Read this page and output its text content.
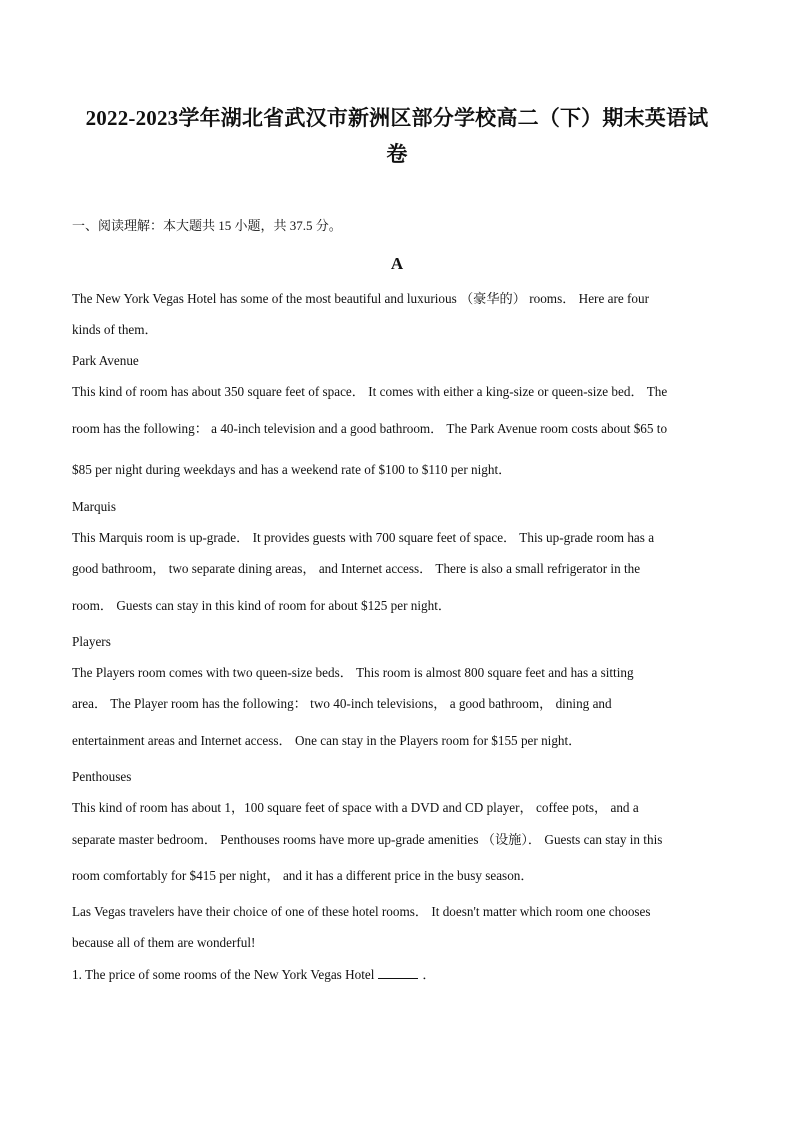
2022-2023学年湖北省武汉市新洲区部分学校高二（下）期末英语试
卷
一、阅读理解：本大题共 15 小题，共 37.5 分。
A
The New York Vegas Hotel has some of the most beautiful and luxurious （豪华的） rooms． Here are four
kinds of them．
Park Avenue
This kind of room has about 350 square feet of space． It comes with either a king-size or queen-size bed． The
room has the following： a 40-inch television and a good bathroom． The Park Avenue room costs about $65 to
$85 per night during weekdays and has a weekend rate of $100 to $110 per night．
Marquis
This Marquis room is up-grade． It provides guests with 700 square feet of space． This up-grade room has a
good bathroom， two separate dining areas， and Internet access． There is also a small refrigerator in the
room． Guests can stay in this kind of room for about $125 per night．
Players
The Players room comes with two queen-size beds． This room is almost 800 square feet and has a sitting
area． The Player room has the following： two 40-inch televisions， a good bathroom， dining and
entertainment areas and Internet access． One can stay in the Players room for $155 per night．
Penthouses
This kind of room has about 1，100 square feet of space with a DVD and CD player， coffee pots， and a
separate master bedroom． Penthouses rooms have more up-grade amenities （设施）． Guests can stay in this
room comfortably for $415 per night， and it has a different price in the busy season．
Las Vegas travelers have their choice of one of these hotel rooms． It doesn't matter which room one chooses
because all of them are wonderful!
1. The price of some rooms of the New York Vegas Hotel	．
